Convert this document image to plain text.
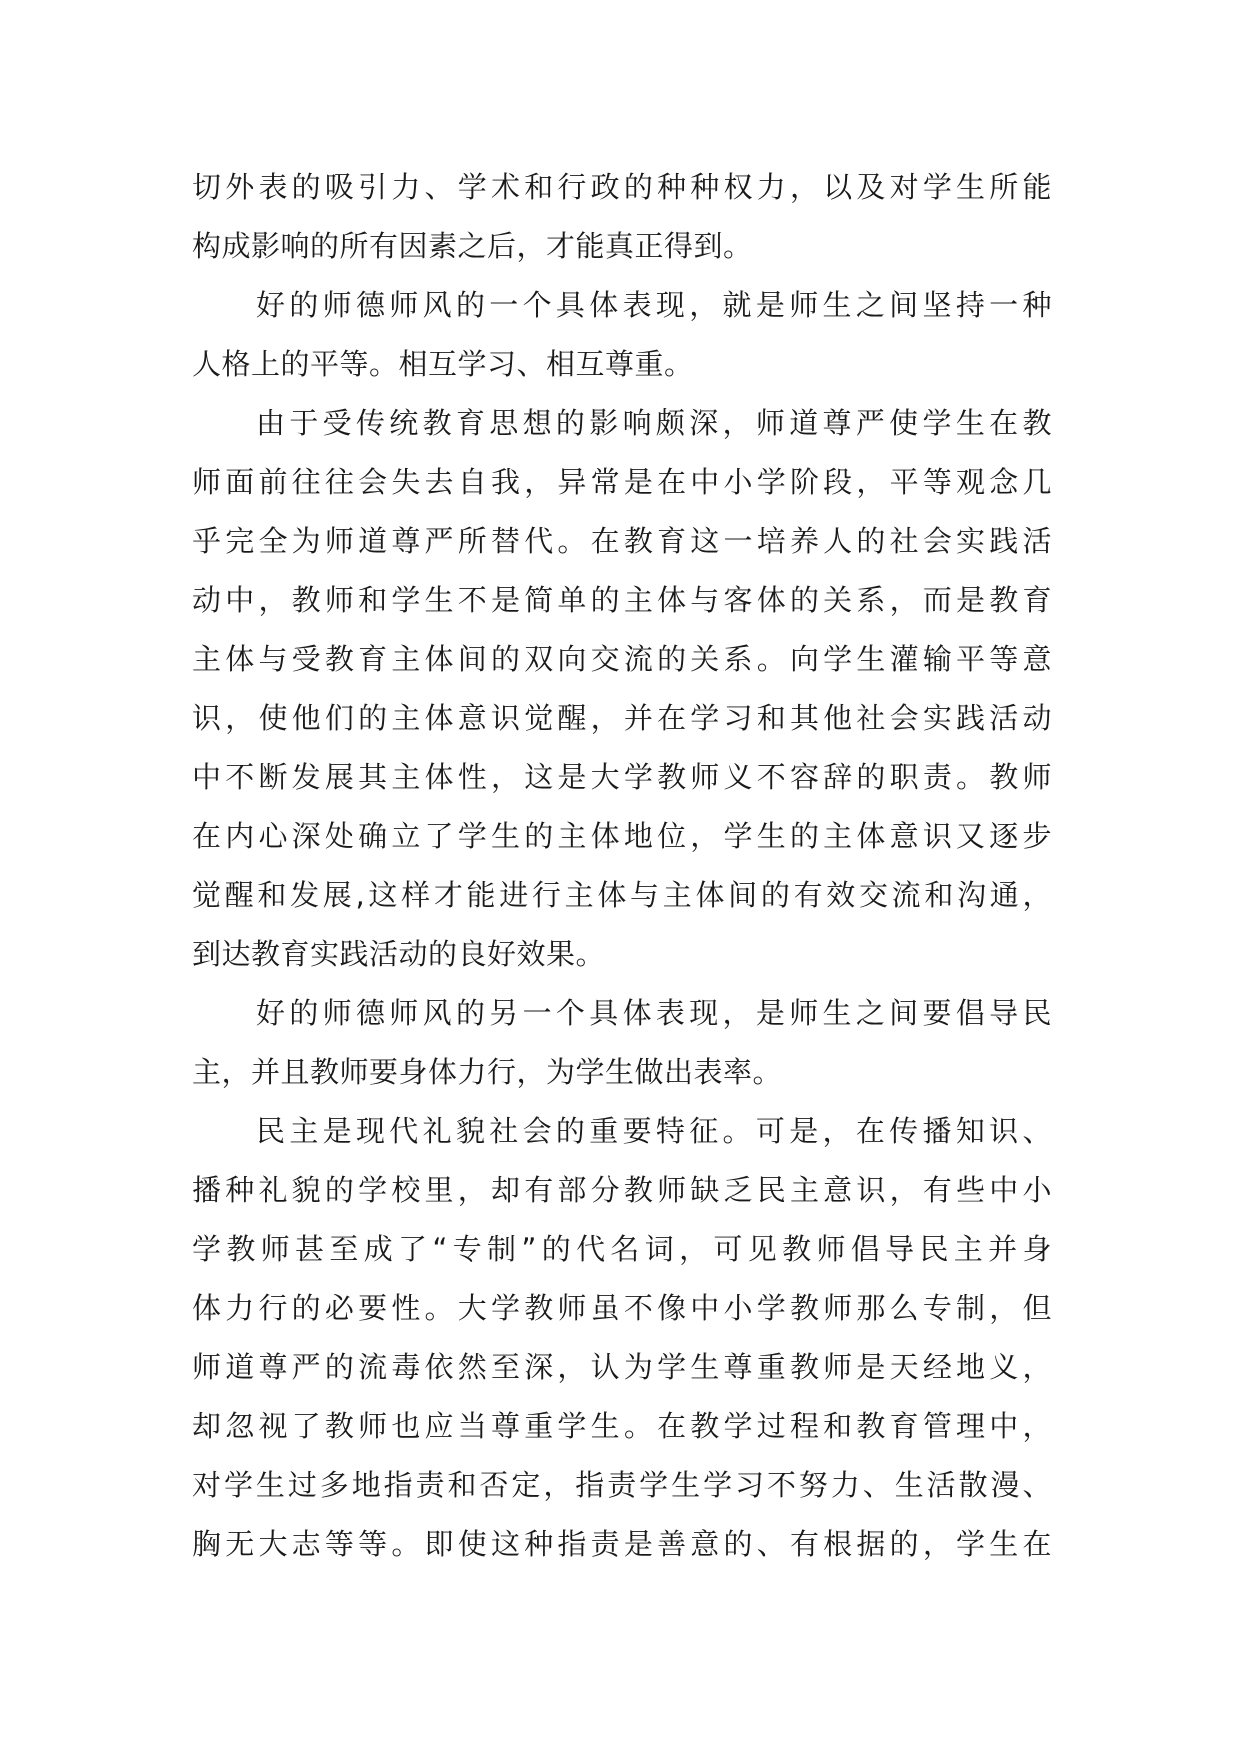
切外表的吸引力、学术和行政的种种权力，以及对学生所能
构成影响的所有因素之后，才能真正得到。
好的师德师风的一个具体表现，就是师生之间坚持一种
人格上的平等。相互学习、相互尊重。
由于受传统教育思想的影响颇深，师道尊严使学生在教
师面前往往会失去自我，异常是在中小学阶段，平等观念几
乎完全为师道尊严所替代。在教育这一培养人的社会实践活
动中，教师和学生不是简单的主体与客体的关系，而是教育
主体与受教育主体间的双向交流的关系。向学生灌输平等意
识，使他们的主体意识觉醒，并在学习和其他社会实践活动
中不断发展其主体性，这是大学教师义不容辞的职责。教师
在内心深处确立了学生的主体地位，学生的主体意识又逐步
觉醒和发展,这样才能进行主体与主体间的有效交流和沟通，
到达教育实践活动的良好效果。
好的师德师风的另一个具体表现，是师生之间要倡导民
主，并且教师要身体力行，为学生做出表率。
民主是现代礼貌社会的重要特征。可是，在传播知识、
播种礼貌的学校里，却有部分教师缺乏民主意识，有些中小
学教师甚至成了“专制”的代名词，可见教师倡导民主并身
体力行的必要性。大学教师虽不像中小学教师那么专制，但
师道尊严的流毒依然至深，认为学生尊重教师是天经地义，
却忽视了教师也应当尊重学生。在教学过程和教育管理中，
对学生过多地指责和否定，指责学生学习不努力、生活散漫、
胸无大志等等。即使这种指责是善意的、有根据的，学生在
